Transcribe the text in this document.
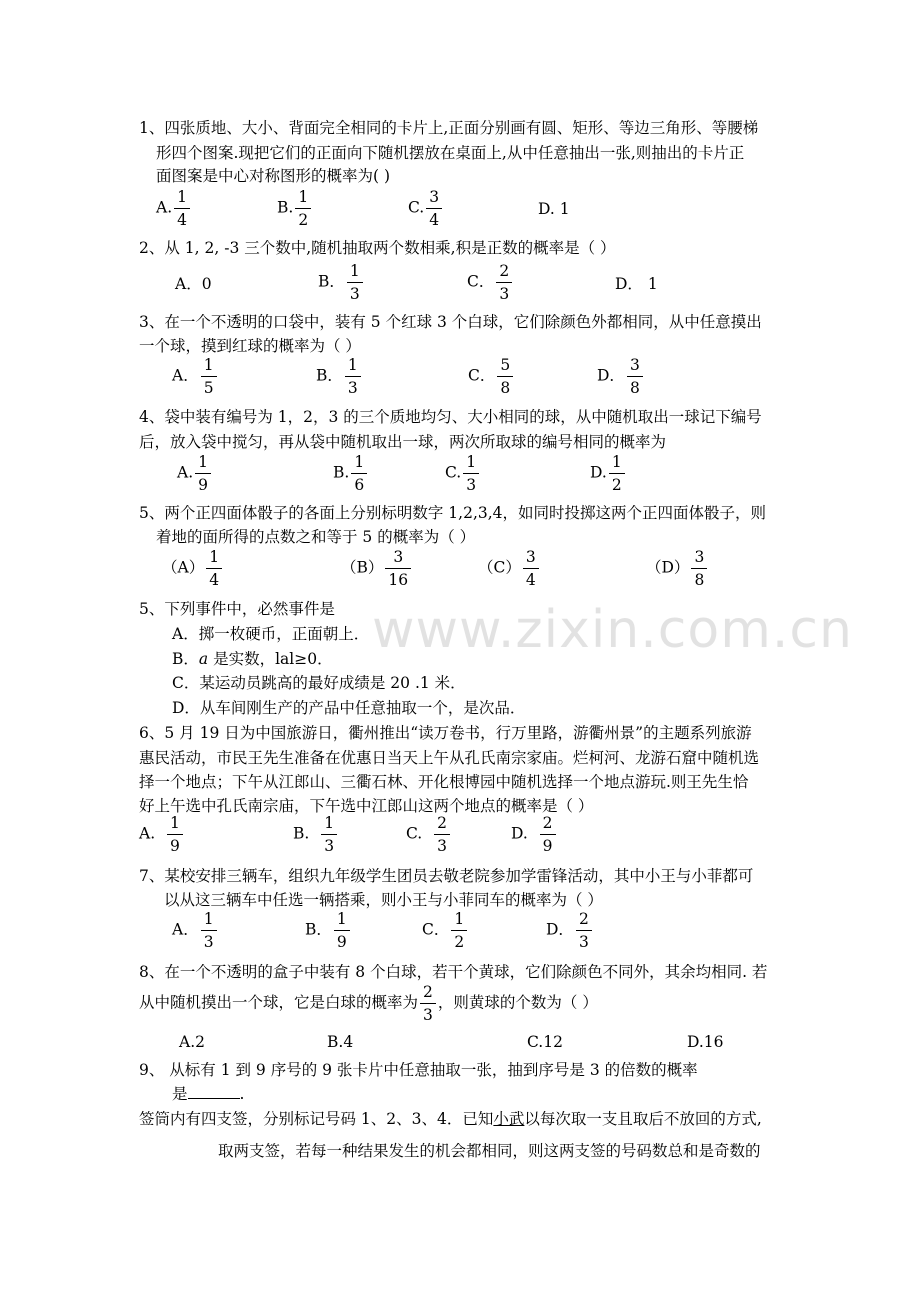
www.zixin.com.cn
1、四张质地、大小、背面完全相同的卡片上,正面分别画有圆、矩形、等边三角形、等腰梯
形四个图案.现把它们的正面向下随机摆放在桌面上,从中任意抽出一张,则抽出的卡片正
面图案是中心对称图形的概率为( )
A. $\frac{1}{4}$	B. $\frac{1}{2}$	C. $\frac{3}{4}$	D. 1
2、从 1, 2, -3 三个数中,随机抽取两个数相乘,积是正数的概率是（ ）
A．0	B． $\frac{1}{3}$	C． $\frac{2}{3}$	D． 1
3、在一个不透明的口袋中，装有 5 个红球 3 个白球，它们除颜色外都相同，从中任意摸出
一个球，摸到红球的概率为（ ）
A． $\frac{1}{5}$	B． $\frac{1}{3}$	C． $\frac{5}{8}$	D． $\frac{3}{8}$
4、袋中装有编号为 1，2，3 的三个质地均匀、大小相同的球，从中随机取出一球记下编号
后，放入袋中搅匀，再从袋中随机取出一球，两次所取球的编号相同的概率为
A. $\frac{1}{9}$	B. $\frac{1}{6}$	C. $\frac{1}{3}$	D. $\frac{1}{2}$
5、两个正四面体骰子的各面上分别标明数字 1,2,3,4，如同时投掷这两个正四面体骰子，则
着地的面所得的点数之和等于 5 的概率为（ ）
$(A) \frac{1}{4}$	$(B) \frac{3}{16}$	$(C) \frac{3}{4}$	$(D) \frac{3}{8}$
5、下列事件中，必然事件是
A．掷一枚硬币，正面朝上．
B．a 是实数，lal≥0．
C．某运动员跳高的最好成绩是 20 .1 米．
D．从车间刚生产的产品中任意抽取一个，是次品．
6、5 月 19 日为中国旅游日，衢州推出“读万卷书，行万里路，游衢州景”的主题系列旅游
惠民活动，市民王先生准备在优惠日当天上午从孔氏南宗家庙。烂柯河、龙游石窟中随机选
择一个地点；下午从江郎山、三衢石林、开化根博园中随机选择一个地点游玩.则王先生恰
好上午选中孔氏南宗庙，下午选中江郎山这两个地点的概率是（ ）
A. $\frac{1}{9}$	B. $\frac{1}{3}$	C. $\frac{2}{3}$	D. $\frac{2}{9}$
7、某校安排三辆车，组织九年级学生团员去敬老院参加学雷锋活动，其中小王与小菲都可
以从这三辆车中任选一辆搭乘，则小王与小菲同车的概率为（ ）
A． $\frac{1}{3}$	B． $\frac{1}{9}$	C． $\frac{1}{2}$	D． $\frac{2}{3}$
8、在一个不透明的盒子中装有 8 个白球，若干个黄球，它们除颜色不同外，其余均相同. 若
从中随机摸出一个球，它是白球的概率为 $\frac{2}{3}$ ，则黄球的个数为（ ）
A.2	B.4	C.12	D.16
9、 从标有 1 到 9 序号的 9 张卡片中任意抽取一张，抽到序号是 3 的倍数的概率
是	.
签筒内有四支签，分别标记号码 1、2、3、4．已知小武以每次取一支且取后不放回的方式,
取两支签，若每一种结果发生的机会都相同，则这两支签的号码数总和是奇数的
